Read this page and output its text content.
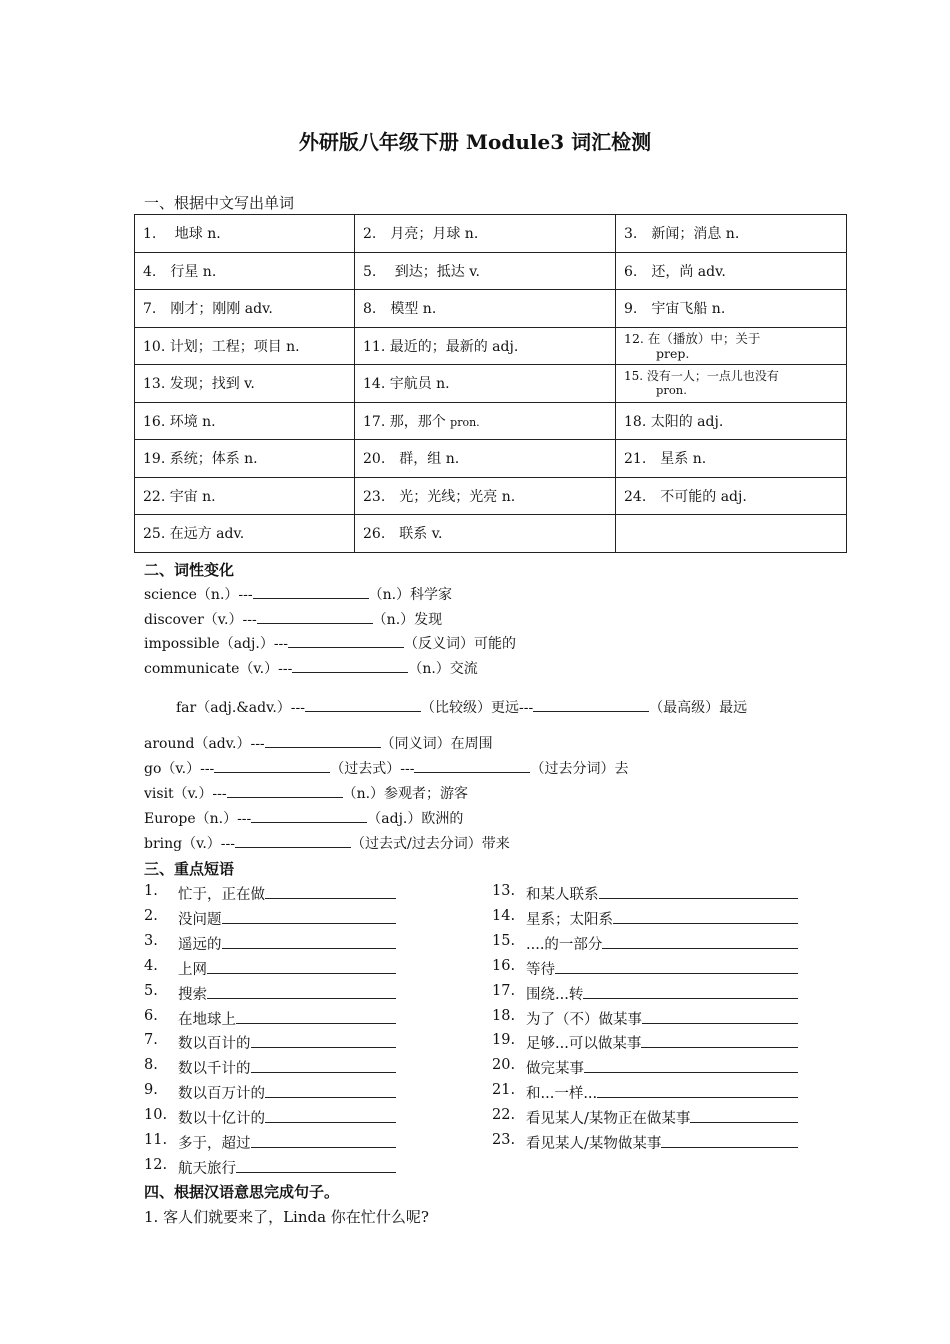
外研版八年级下册 Module3 词汇检测
一、根据中文写出单词
1.　 地球 n.	2.　月亮；月球 n.	3.　新闻；消息 n.
4.　行星 n.	5.　 到达；抵达 v.	6.　还，尚 adv.
7.　刚才；刚刚 adv.	8.　模型 n.	9.　宇宙飞船 n.
10. 计划；工程；项目 n.	11. 最近的；最新的 adj.	12. 在（播放）中；关于
prep.

13. 发现；找到 v.	14. 宇航员 n.	15. 没有一人；一点儿也没有
pron.

16. 环境 n.	17. 那，那个 pron.	18. 太阳的 adj.
19. 系统；体系 n.	20.　群，组 n.	21.　星系 n.
22. 宇宙 n.	23.　光；光线；光亮 n.	24.　不可能的 adj.
25. 在远方 adv.	26.　联系 v.	
二、词性变化
science（n.）---	（n.）科学家
discover（v.）---	（n.）发现
impossible（adj.）---	（反义词）可能的
communicate（v.）---	（n.）交流
far（adj.&adv.）---	（比较级）更远---	（最高级）最远
around（adv.）---	（同义词）在周围
go（v.）---	（过去式）---	（过去分词）去
visit（v.）---	（n.）参观者；游客
Europe（n.）---	（adj.）欧洲的
bring（v.）---	（过去式/过去分词）带来
三、重点短语
1.	忙于，正在做
2.	没问题
3.	遥远的
4.	上网
5.	搜索
6.	在地球上
7.	数以百计的
8.	数以千计的
9.	数以百万计的
10. 数以十亿计的
11. 多于，超过
12. 航天旅行
13. 和某人联系
14. 星系；太阳系
15. ....的一部分
16. 等待
17. 围绕...转
18. 为了（不）做某事
19. 足够...可以做某事
20. 做完某事
21. 和...一样...
22. 看见某人/某物正在做某事
23. 看见某人/某物做某事
四、根据汉语意思完成句子。
1. 客人们就要来了，Linda 你在忙什么呢?
